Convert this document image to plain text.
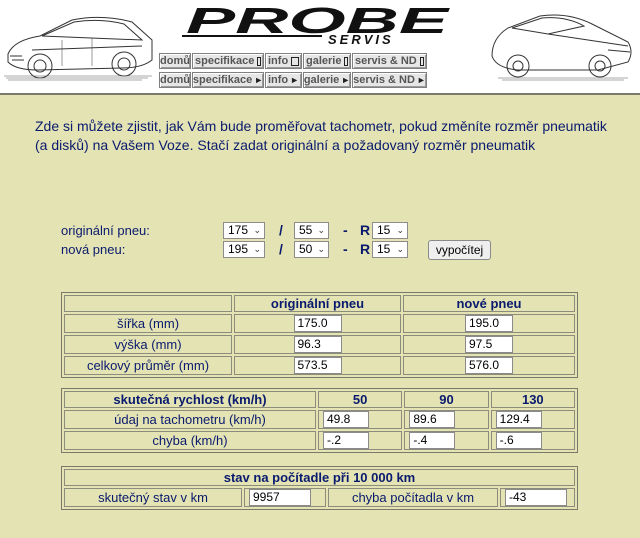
PROBE
SERVIS
domů specifikace info galerie servis & ND
domů specifikace ► info ► galerie ► servis & ND ►

Zde si můžete zjistit, jak Vám bude proměřovat tachometr, pokud změníte rozměr pneumatik (a disků) na Vašem Voze. Stačí zadat originální a požadovaný rozměr pneumatik

originální pneu:	175 ⌄ /	55 ⌄ - R 15 ⌄
nová pneu:	195 ⌄ /	50 ⌄ - R 15 ⌄	vypočítej
	originální pneu	nové pneu
šířka (mm)	175.0	195.0
výška (mm)	96.3	97.5
celkový průměr (mm)	573.5	576.0
skutečná rychlost (km/h)	50	90	130
údaj na tachometru (km/h)	49.8	89.6	129.4
chyba (km/h)	-.2	-.4	-.6
stav na počítadle při 10 000 km
skutečný stav v km	9957	chyba počítadla v km	-43
